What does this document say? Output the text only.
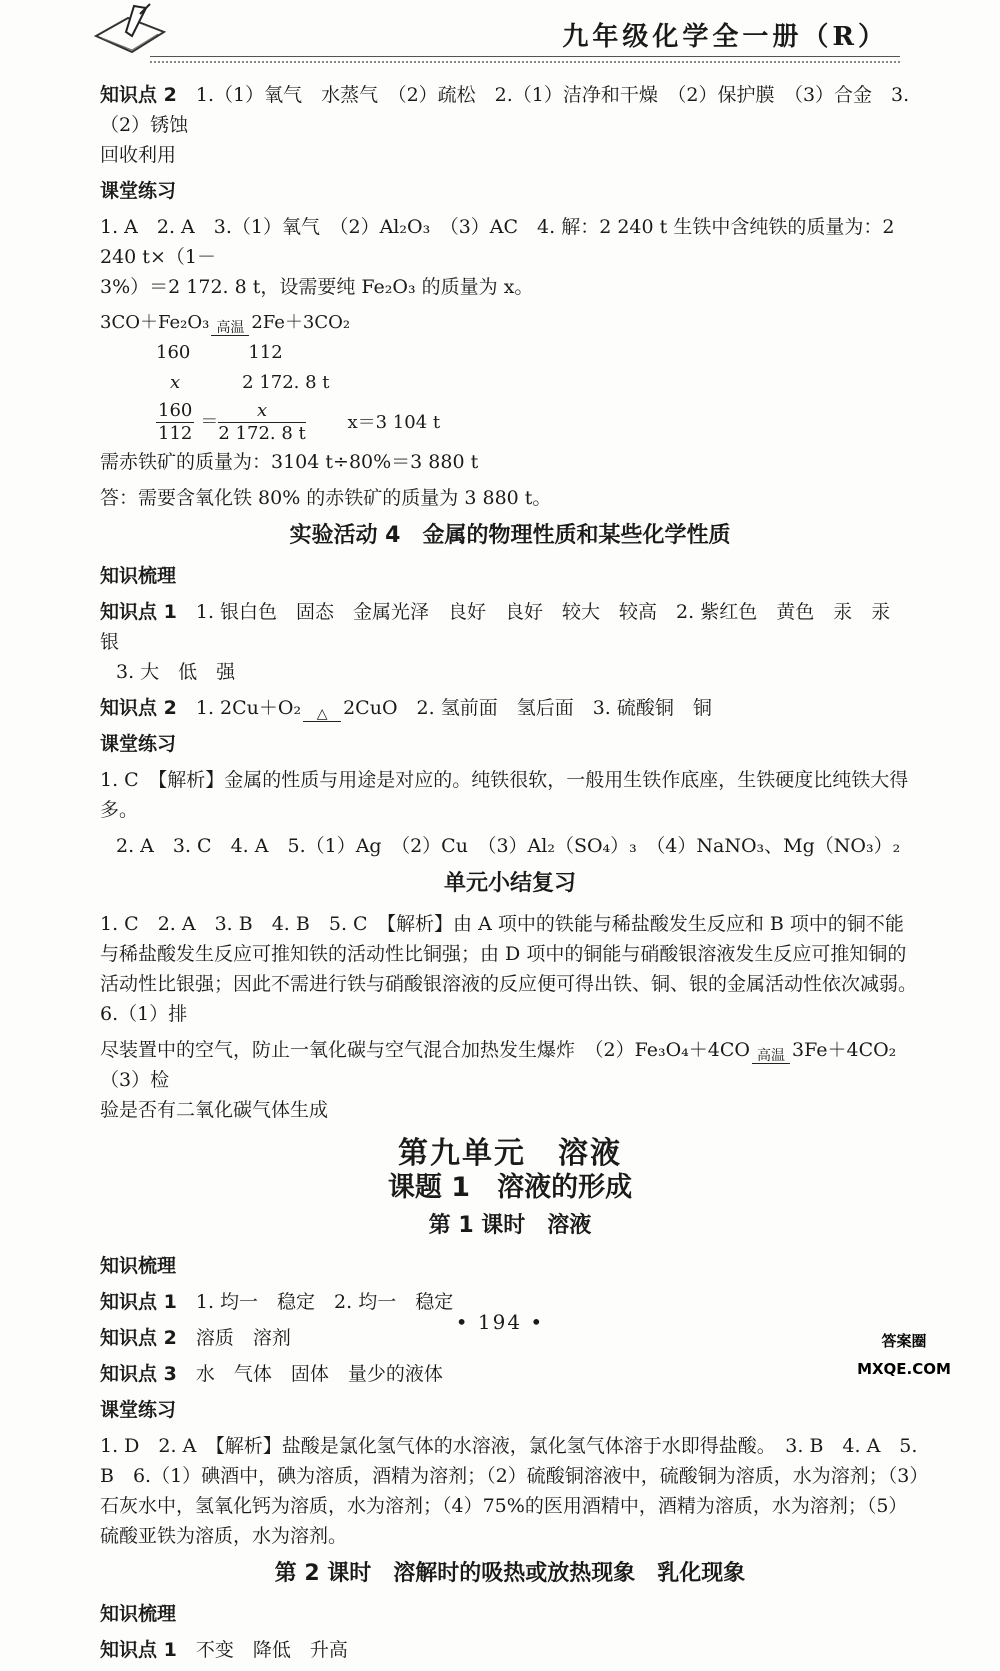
九年级化学全一册（R）
知识点 2　 1.（1）氧气　水蒸气　（2）疏松　2.（1）洁净和干燥　（2）保护膜　（3）合金　3.（2）锈蚀
回收利用
课堂练习
1. A　2. A　3.（1）氧气　（2）Al₂O₃　（3）AC　4. 解：2 240 t 生铁中含纯铁的质量为：2 240 t×（1－
3%）＝2 172. 8 t，设需要纯 Fe₂O₃ 的质量为 x。
3CO＋Fe₂O₃ 高温 2Fe＋3CO₂
160	112
x	2 172. 8 t
$\frac{160}{112} = \frac{x}{2 172. 8 t} x=3$ 104 t
需赤铁矿的质量为：3104 t÷80%＝3 880 t
答：需要含氧化铁 80% 的赤铁矿的质量为 3 880 t。
实验活动 4　金属的物理性质和某些化学性质
知识梳理
知识点 1　 1. 银白色　固态　金属光泽　良好　良好　较大　较高　2. 紫红色　黄色　汞　汞　银
3. 大　低　强
知识点 2　 1. 2Cu＋O₂	△ 2CuO　2. 氢前面　氢后面　3. 硫酸铜　铜
课堂练习
1. C　【解析】金属的性质与用途是对应的。纯铁很软，一般用生铁作底座，生铁硬度比纯铁大得多。
2. A　3. C　4. A　5.（1）Ag　（2）Cu　（3）Al₂（SO₄）₃　（4）NaNO₃、Mg（NO₃）₂
单元小结复习
1. C　2. A　3. B　4. B　5. C　【解析】由 A 项中的铁能与稀盐酸发生反应和 B 项中的铜不能与稀盐酸发生反应可推知铁的活动性比铜强；由 D 项中的铜能与硝酸银溶液发生反应可推知铜的活动性比银强；因此不需进行铁与硝酸银溶液的反应便可得出铁、铜、银的金属活动性依次减弱。　6.（1）排
尽装置中的空气，防止一氧化碳与空气混合加热发生爆炸　（2）Fe₃O₄＋4CO 高温 3Fe＋4CO₂　（3）检
验是否有二氧化碳气体生成
第九单元　溶液
课题 1　溶液的形成
第 1 课时　溶液
知识梳理
知识点 1　 1. 均一　稳定　2. 均一　稳定
知识点 2　 溶质　溶剂
知识点 3　 水　气体　固体　量少的液体
课堂练习
1. D　2. A　【解析】盐酸是氯化氢气体的水溶液，氯化氢气体溶于水即得盐酸。　3. B　4. A　5. B　6.（1）碘酒中，碘为溶质，酒精为溶剂；（2）硫酸铜溶液中，硫酸铜为溶质，水为溶剂；（3）石灰水中，氢氧化钙为溶质，水为溶剂；（4）75%的医用酒精中，酒精为溶质，水为溶剂；（5）硫酸亚铁为溶质，水为溶剂。
第 2 课时　溶解时的吸热或放热现象　乳化现象
知识梳理
知识点 1　 不变　降低　升高
• 194 •
答案圈
MXQE.COM
